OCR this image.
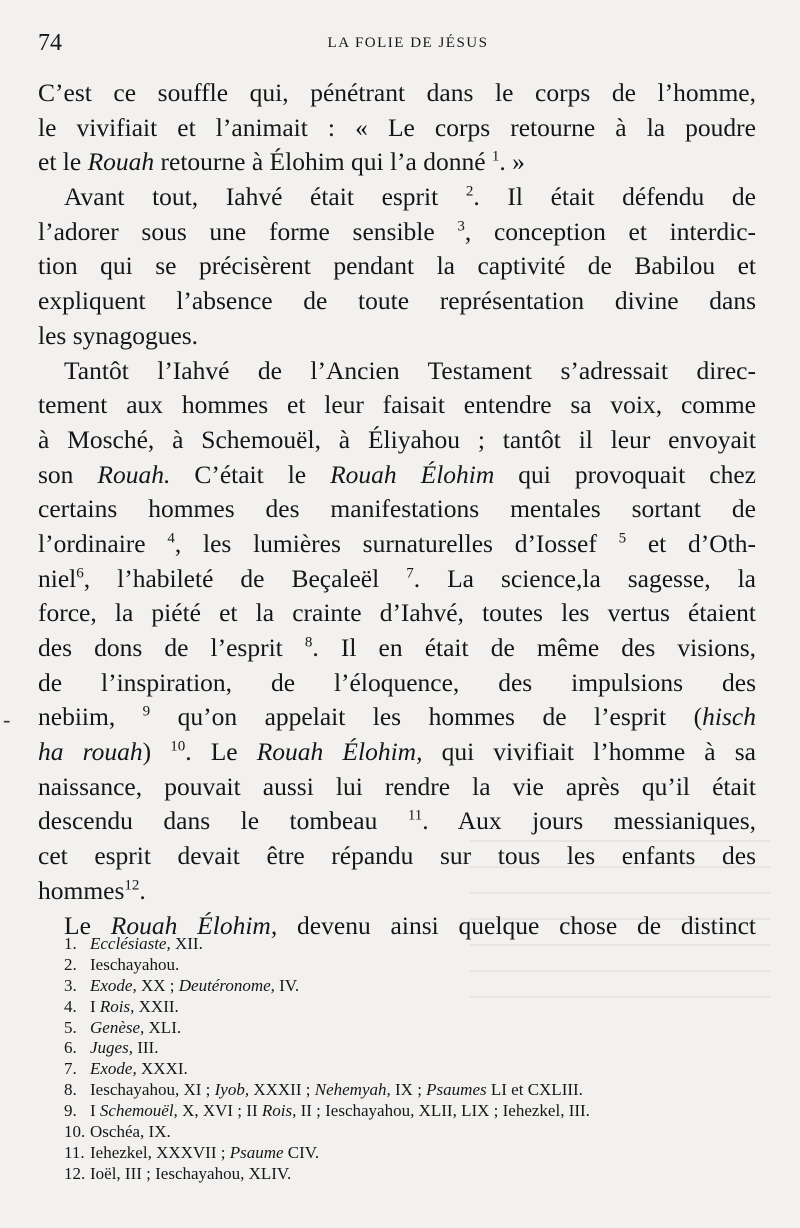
74	LA FOLIE DE JÉSUS
C’est ce souffle qui, pénétrant dans le corps de l’homme,
le vivifiait et l’animait : « Le corps retourne à la poudre
et le Rouah retourne à Élohim qui l’a donné $^1$. »
Avant tout, Iahvé était esprit $^2$. Il était défendu de
l’adorer sous une forme sensible $^3$, conception et interdic-
tion qui se précisèrent pendant la captivité de Babilou et
expliquent l’absence de toute représentation divine dans
les synagogues.
Tantôt l’Iahvé de l’Ancien Testament s’adressait direc-
tement aux hommes et leur faisait entendre sa voix, comme
à Mosché, à Schemouël, à Éliyahou ; tantôt il leur envoyait
son Rouah. C’était le Rouah Élohim qui provoquait chez
certains hommes des manifestations mentales sortant de
l’ordinaire $^4$, les lumières surnaturelles d’Iossef $^5$ et d’Oth-
niel$^6$, l’habileté de Beçaleël $^7$. La science,la sagesse, la
force, la piété et la crainte d’Iahvé, toutes les vertus étaient
des dons de l’esprit $^8$. Il en était de même des visions,
de l’inspiration, de l’éloquence, des impulsions des
nebiim, $^9$ qu’on appelait les hommes de l’esprit (hisch
ha rouah) $^{10}$. Le Rouah Élohim, qui vivifiait l’homme à sa
naissance, pouvait aussi lui rendre la vie après qu’il était
descendu dans le tombeau $^{11}$. Aux jours messianiques,
cet esprit devait être répandu sur tous les enfants des
hommes$^{12}$.
Le Rouah Élohim, devenu ainsi quelque chose de distinct
-
1. Ecclésiaste, XII.
2. Ieschayahou.
3. Exode, XX ; Deutéronome, IV.
4. I Rois, XXII.
5. Genèse, XLI.
6. Juges, III.
7. Exode, XXXI.
8. Ieschayahou, XI ; Iyob, XXXII ; Nehemyah, IX ; Psaumes LI et CXLIII.
9. I Schemouël, X, XVI ; II Rois, II ; Ieschayahou, XLII, LIX ; Iehezkel, III.
10. Oschéa, IX.
11. Iehezkel, XXXVII ; Psaume CIV.
12. Ioël, III ; Ieschayahou, XLIV.
